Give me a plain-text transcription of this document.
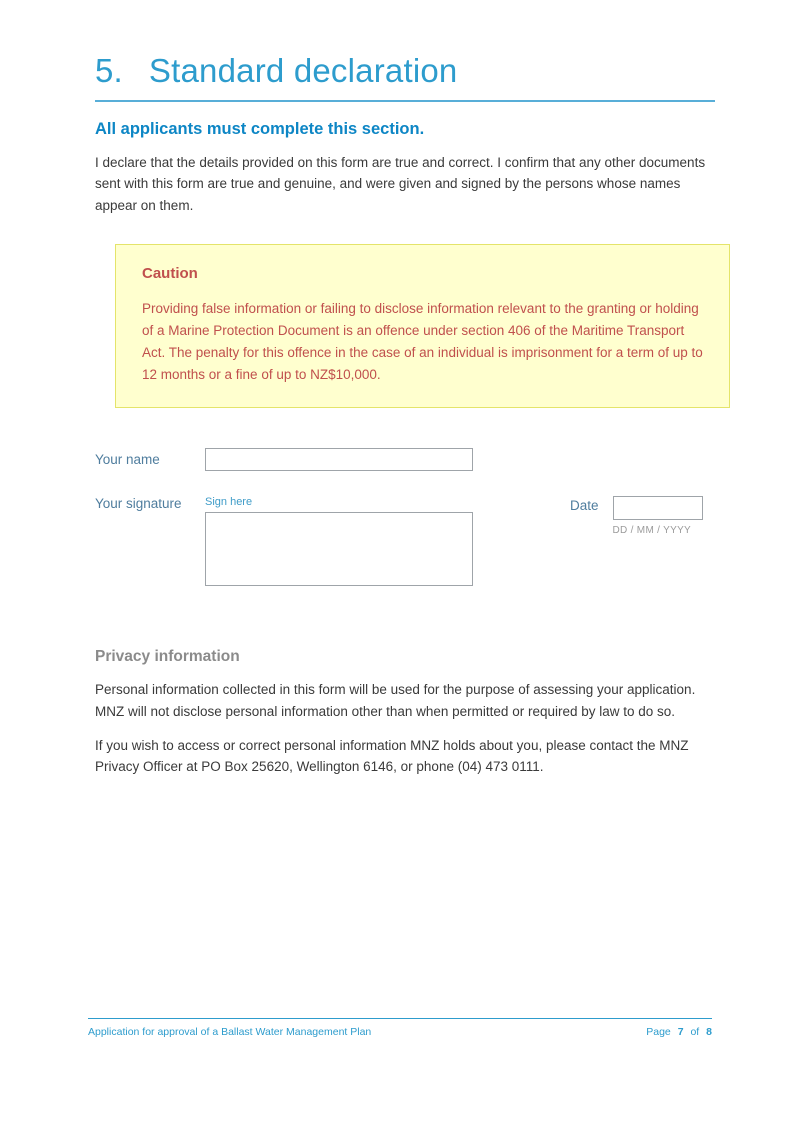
5. Standard declaration

All applicants must complete this section.

I declare that the details provided on this form are true and correct. I confirm that any other documents sent with this form are true and genuine, and were given and signed by the persons whose names appear on them.

Caution

Providing false information or failing to disclose information relevant to the granting or holding of a Marine Protection Document is an offence under section 406 of the Maritime Transport Act. The penalty for this offence in the case of an individual is imprisonment for a term of up to 12 months or a fine of up to NZ$10,000.

Your name
Your signature	Sign here	Date
DD / MM / YYYY
Privacy information

Personal information collected in this form will be used for the purpose of assessing your application. MNZ will not disclose personal information other than when permitted or required by law to do so.

If you wish to access or correct personal information MNZ holds about you, please contact the MNZ Privacy Officer at PO Box 25620, Wellington 6146, or phone (04) 473 0111.

Application for approval of a Ballast Water Management Plan	Page 7 of 8
